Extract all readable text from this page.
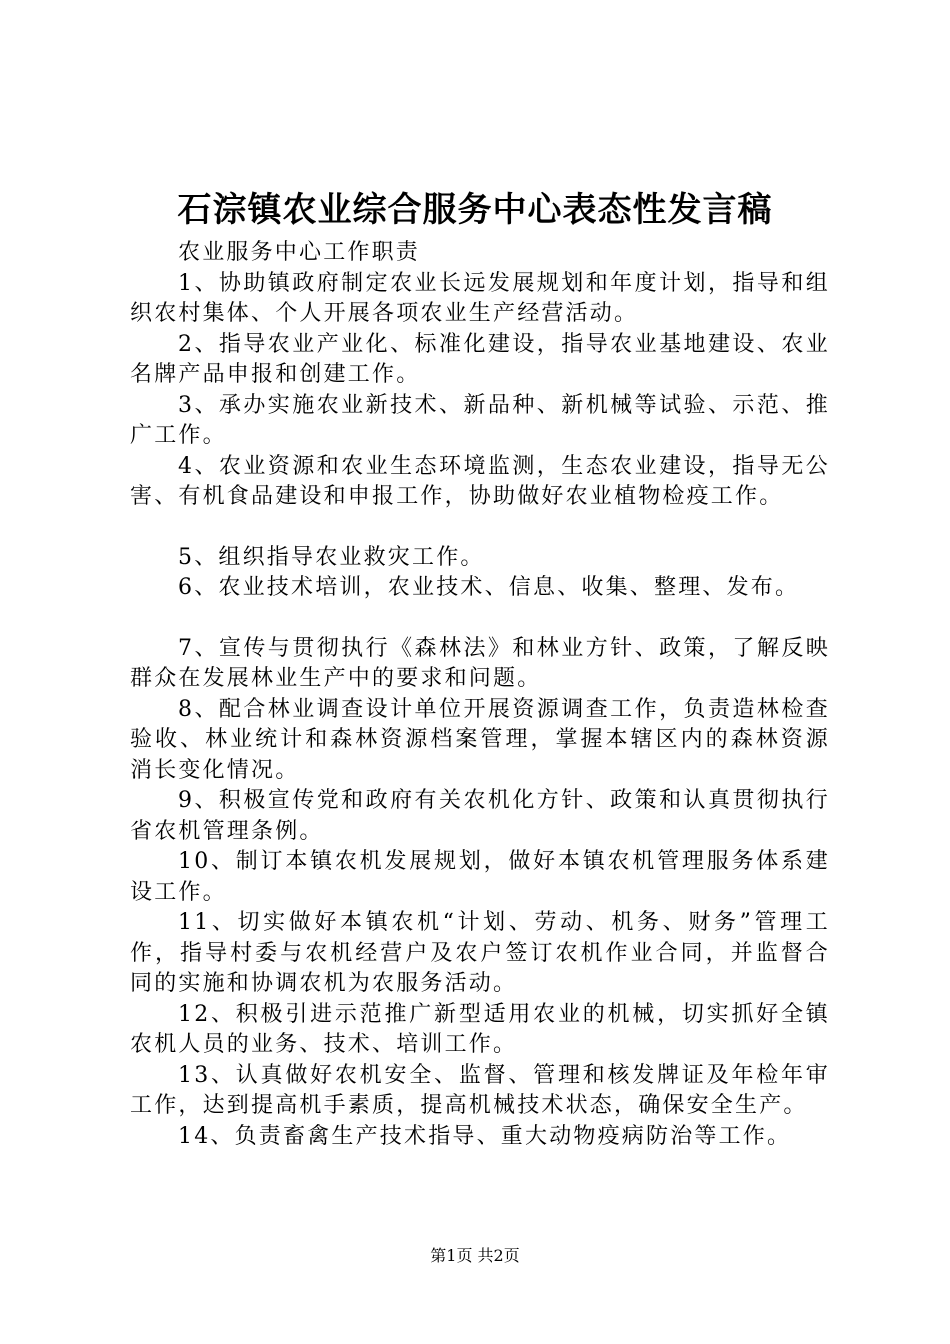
石淙镇农业综合服务中心表态性发言稿

农业服务中心工作职责

1、协助镇政府制定农业长远发展规划和年度计划，指导和组织农村集体、个人开展各项农业生产经营活动。

2、指导农业产业化、标准化建设，指导农业基地建设、农业名牌产品申报和创建工作。

3、承办实施农业新技术、新品种、新机械等试验、示范、推广工作。

4、农业资源和农业生态环境监测，生态农业建设，指导无公害、有机食品建设和申报工作，协助做好农业植物检疫工作。

5、组织指导农业救灾工作。

6、农业技术培训，农业技术、信息、收集、整理、发布。

7、宣传与贯彻执行《森林法》和林业方针、政策，了解反映群众在发展林业生产中的要求和问题。

8、配合林业调查设计单位开展资源调查工作，负责造林检查验收、林业统计和森林资源档案管理，掌握本辖区内的森林资源消长变化情况。

9、积极宣传党和政府有关农机化方针、政策和认真贯彻执行省农机管理条例。

10、制订本镇农机发展规划，做好本镇农机管理服务体系建设工作。

11、切实做好本镇农机“计划、劳动、机务、财务”管理工作，指导村委与农机经营户及农户签订农机作业合同，并监督合同的实施和协调农机为农服务活动。

12、积极引进示范推广新型适用农业的机械，切实抓好全镇农机人员的业务、技术、培训工作。

13、认真做好农机安全、监督、管理和核发牌证及年检年审工作，达到提高机手素质，提高机械技术状态，确保安全生产。

14、负责畜禽生产技术指导、重大动物疫病防治等工作。

第1页 共2页
